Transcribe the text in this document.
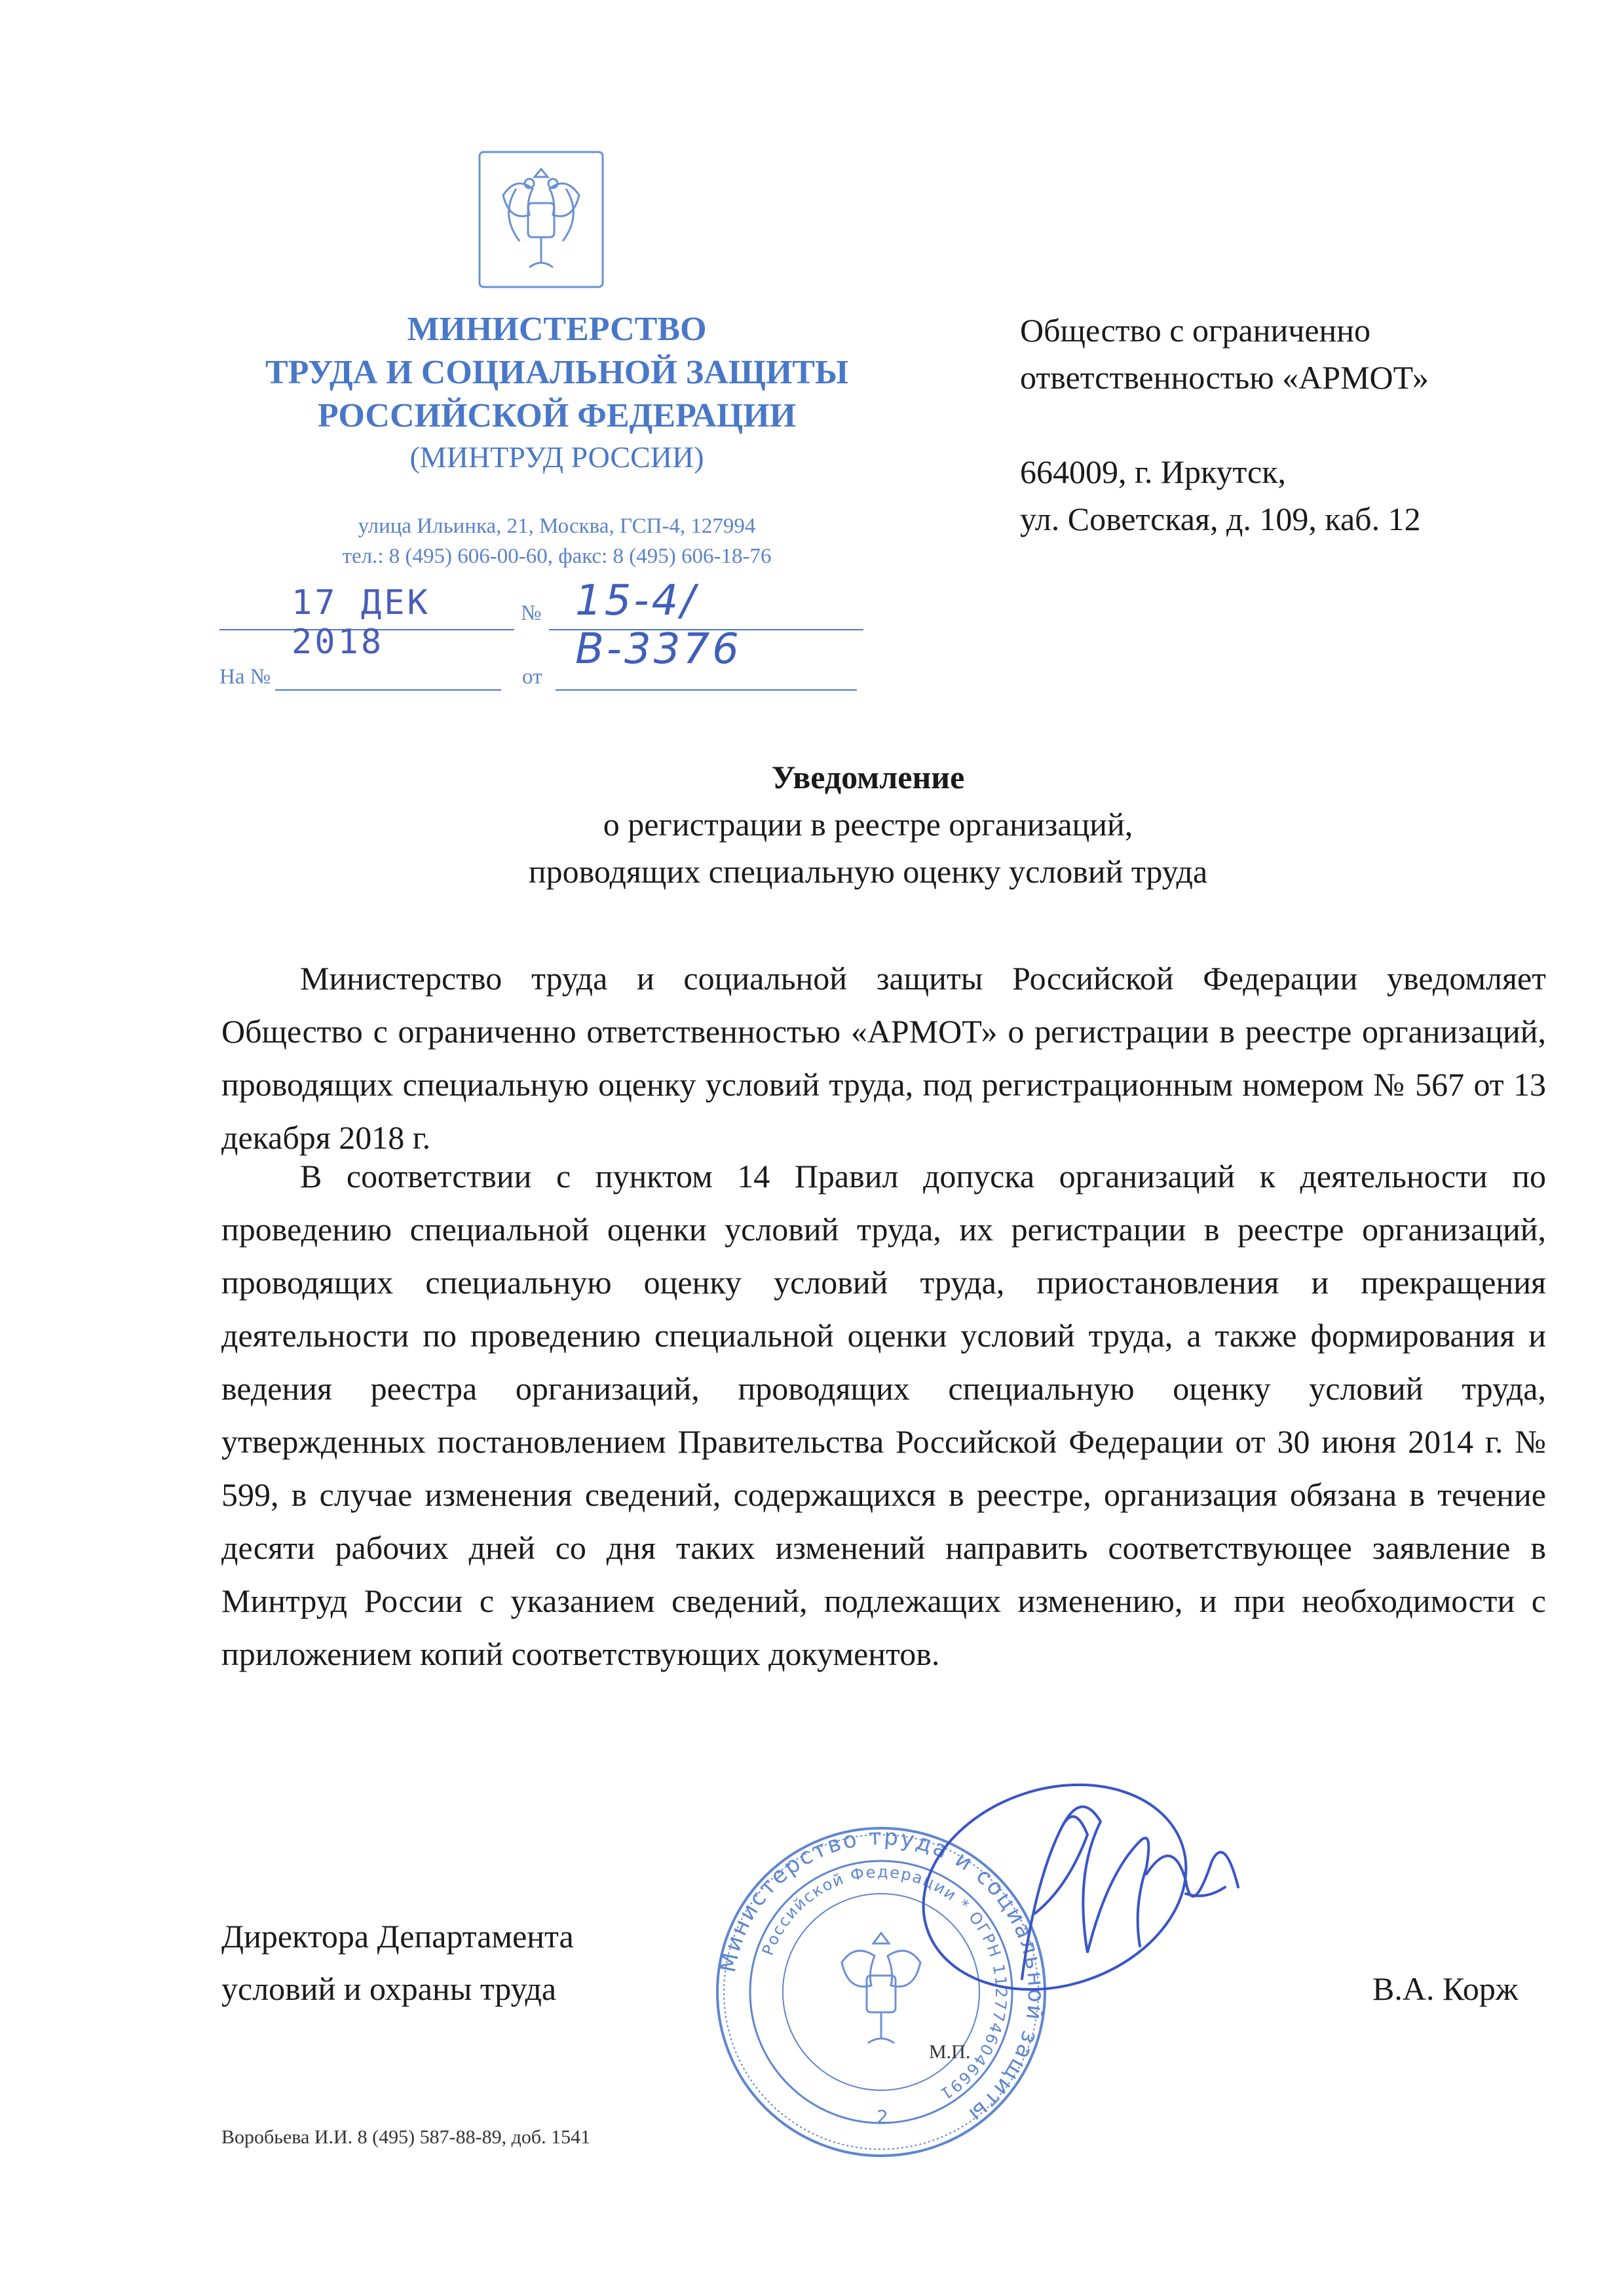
МИНИСТЕРСТВО
ТРУДА И СОЦИАЛЬНОЙ ЗАЩИТЫ
РОССИЙСКОЙ ФЕДЕРАЦИИ
(МИНТРУД РОССИИ)
улица Ильинка, 21, Москва, ГСП-4, 127994
тел.: 8 (495) 606-00-60, факс: 8 (495) 606-18-76
17 ДЕК 2018
№ 15-4/В-3376
На №	от
Общество с ограниченно
ответственностью «АРМОТ»
664009, г. Иркутск,
ул. Советская, д. 109, каб. 12
Уведомление
о регистрации в реестре организаций,
проводящих специальную оценку условий труда
Министерство труда и социальной защиты Российской Федерации уведомляет Общество с ограниченно ответственностью «АРМОТ» о регистрации в реестре организаций, проводящих специальную оценку условий труда, под регистрационным номером № 567 от 13 декабря 2018 г.
В соответствии с пунктом 14 Правил допуска организаций к деятельности по проведению специальной оценки условий труда, их регистрации в реестре организаций, проводящих специальную оценку условий труда, приостановления и прекращения деятельности по проведению специальной оценки условий труда, а также формирования и ведения реестра организаций, проводящих специальную оценку условий труда, утвержденных постановлением Правительства Российской Федерации от 30 июня 2014 г. № 599, в случае изменения сведений, содержащихся в реестре, организация обязана в течение десяти рабочих дней со дня таких изменений направить соответствующее заявление в Минтруд России с указанием сведений, подлежащих изменению, и при необходимости с приложением копий соответствующих документов.
Директора Департамента
условий и охраны труда	В.А. Корж
Министерство труда и социальной защиты
Российской Федерации * ОГРН 1127746046691
2
М.П.
Воробьева И.И. 8 (495) 587-88-89, доб. 1541
